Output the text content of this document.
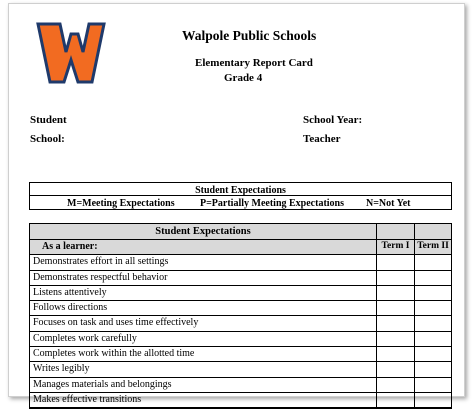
Walpole Public Schools
Elementary Report Card
Grade 4
Student
School:
School Year:
Teacher
Student Expectations
M=Meeting Expectations	P=Partially Meeting Expectations N=Not Yet
Student Expectations
As a learner:	Term I Term II
Demonstrates effort in all settings
Demonstrates respectful behavior
Listens attentively
Follows directions
Focuses on task and uses time effectively
Completes work carefully
Completes work within the allotted time
Writes legibly
Manages materials and belongings
Makes effective transitions
